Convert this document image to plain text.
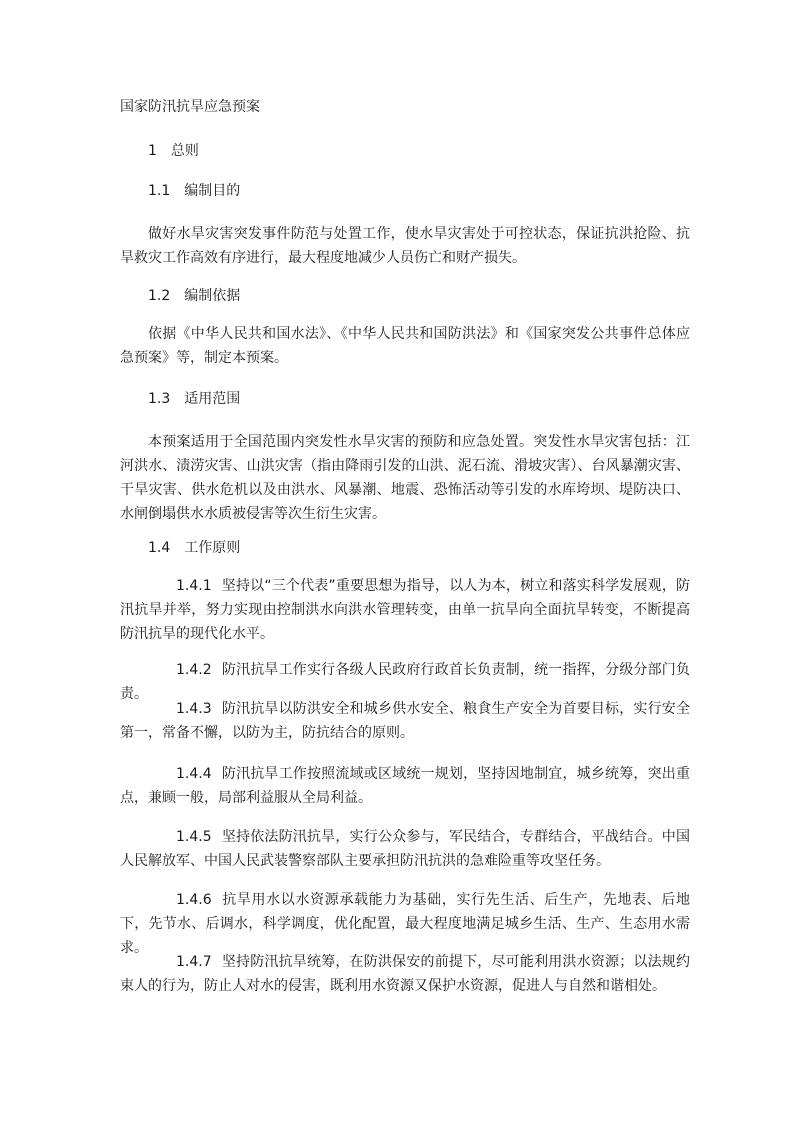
国家防汛抗旱应急预案
1 总则
1.1 编制目的

做好水旱灾害突发事件防范与处置工作，使水旱灾害处于可控状态，保证抗洪抢险、抗旱救灾工作高效有序进行，最大程度地减少人员伤亡和财产损失。

1.2 编制依据

依据《中华人民共和国水法》、《中华人民共和国防洪法》和《国家突发公共事件总体应急预案》等，制定本预案。

1.3 适用范围

本预案适用于全国范围内突发性水旱灾害的预防和应急处置。突发性水旱灾害包括：江河洪水、渍涝灾害、山洪灾害（指由降雨引发的山洪、泥石流、滑坡灾害）、台风暴潮灾害、干旱灾害、供水危机以及由洪水、风暴潮、地震、恐怖活动等引发的水库垮坝、堤防决口、水闸倒塌供水水质被侵害等次生衍生灾害。

1.4 工作原则

1.4.1 坚持以“三个代表”重要思想为指导，以人为本，树立和落实科学发展观，防汛抗旱并举，努力实现由控制洪水向洪水管理转变，由单一抗旱向全面抗旱转变，不断提高防汛抗旱的现代化水平。

1.4.2 防汛抗旱工作实行各级人民政府行政首长负责制，统一指挥，分级分部门负责。

1.4.3 防汛抗旱以防洪安全和城乡供水安全、粮食生产安全为首要目标，实行安全第一，常备不懈，以防为主，防抗结合的原则。

1.4.4 防汛抗旱工作按照流域或区域统一规划，坚持因地制宜，城乡统筹，突出重点，兼顾一般，局部利益服从全局利益。

1.4.5 坚持依法防汛抗旱，实行公众参与，军民结合，专群结合，平战结合。中国人民解放军、中国人民武装警察部队主要承担防汛抗洪的急难险重等攻坚任务。

1.4.6 抗旱用水以水资源承载能力为基础，实行先生活、后生产，先地表、后地下，先节水、后调水，科学调度，优化配置，最大程度地满足城乡生活、生产、生态用水需求。

1.4.7 坚持防汛抗旱统筹，在防洪保安的前提下，尽可能利用洪水资源；以法规约束人的行为，防止人对水的侵害，既利用水资源又保护水资源，促进人与自然和谐相处。
